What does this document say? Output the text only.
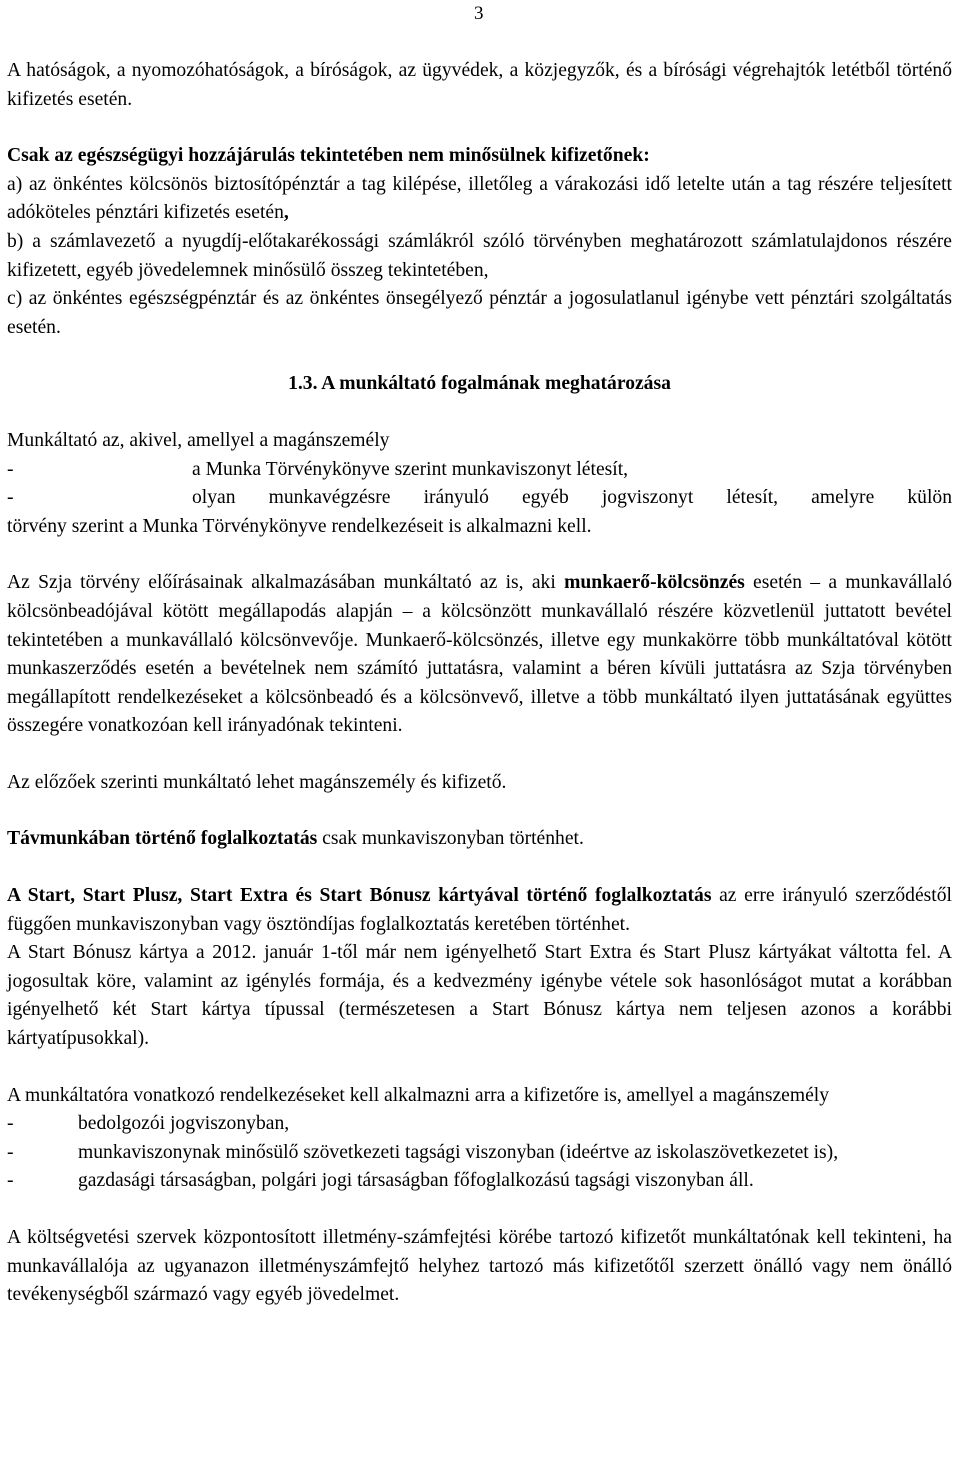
3

A hatóságok, a nyomozóhatóságok, a bíróságok, az ügyvédek, a közjegyzők, és a bírósági végrehajtók letétből történő kifizetés esetén.

Csak az egészségügyi hozzájárulás tekintetében nem minősülnek kifizetőnek:

a) az önkéntes kölcsönös biztosítópénztár a tag kilépése, illetőleg a várakozási idő letelte után a tag részére teljesített adóköteles pénztári kifizetés esetén,

b) a számlavezető a nyugdíj-előtakarékossági számlákról szóló törvényben meghatározott számlatulajdonos részére kifizetett, egyéb jövedelemnek minősülő összeg tekintetében,

c) az önkéntes egészségpénztár és az önkéntes önsegélyező pénztár a jogosulatlanul igénybe vett pénztári szolgáltatás esetén.

1.3. A munkáltató fogalmának meghatározása

Munkáltató az, akivel, amellyel a magánszemély

-	a Munka Törvénykönyve szerint munkaviszonyt létesít,
-	olyan munkavégzésre irányuló egyéb jogviszonyt létesít, amelyre külön

törvény szerint a Munka Törvénykönyve rendelkezéseit is alkalmazni kell.

Az Szja törvény előírásainak alkalmazásában munkáltató az is, aki munkaerő-kölcsönzés esetén – a munkavállaló kölcsönbeadójával kötött megállapodás alapján – a kölcsönzött munkavállaló részére közvetlenül juttatott bevétel tekintetében a munkavállaló kölcsönvevője. Munkaerő-kölcsönzés, illetve egy munkakörre több munkáltatóval kötött munkaszerződés esetén a bevételnek nem számító juttatásra, valamint a béren kívüli juttatásra az Szja törvényben megállapított rendelkezéseket a kölcsönbeadó és a kölcsönvevő, illetve a több munkáltató ilyen juttatásának együttes összegére vonatkozóan kell irányadónak tekinteni.

Az előzőek szerinti munkáltató lehet magánszemély és kifizető.

Távmunkában történő foglalkoztatás csak munkaviszonyban történhet.

A Start, Start Plusz, Start Extra és Start Bónusz kártyával történő foglalkoztatás az erre irányuló szerződéstől függően munkaviszonyban vagy ösztöndíjas foglalkoztatás keretében történhet.

A Start Bónusz kártya a 2012. január 1-től már nem igényelhető Start Extra és Start Plusz kártyákat váltotta fel. A jogosultak köre, valamint az igénylés formája, és a kedvezmény igénybe vétele sok hasonlóságot mutat a korábban igényelhető két Start kártya típussal (természetesen a Start Bónusz kártya nem teljesen azonos a korábbi kártyatípusokkal).

A munkáltatóra vonatkozó rendelkezéseket kell alkalmazni arra a kifizetőre is, amellyel a magánszemély

-	bedolgozói jogviszonyban,
-	munkaviszonynak minősülő szövetkezeti tagsági viszonyban (ideértve az iskolaszövetkezetet is),
-	gazdasági társaságban, polgári jogi társaságban főfoglalkozású tagsági viszonyban áll.

A költségvetési szervek központosított illetmény-számfejtési körébe tartozó kifizetőt munkáltatónak kell tekinteni, ha munkavállalója az ugyanazon illetményszámfejtő helyhez tartozó más kifizetőtől szerzett önálló vagy nem önálló tevékenységből származó vagy egyéb jövedelmet.
